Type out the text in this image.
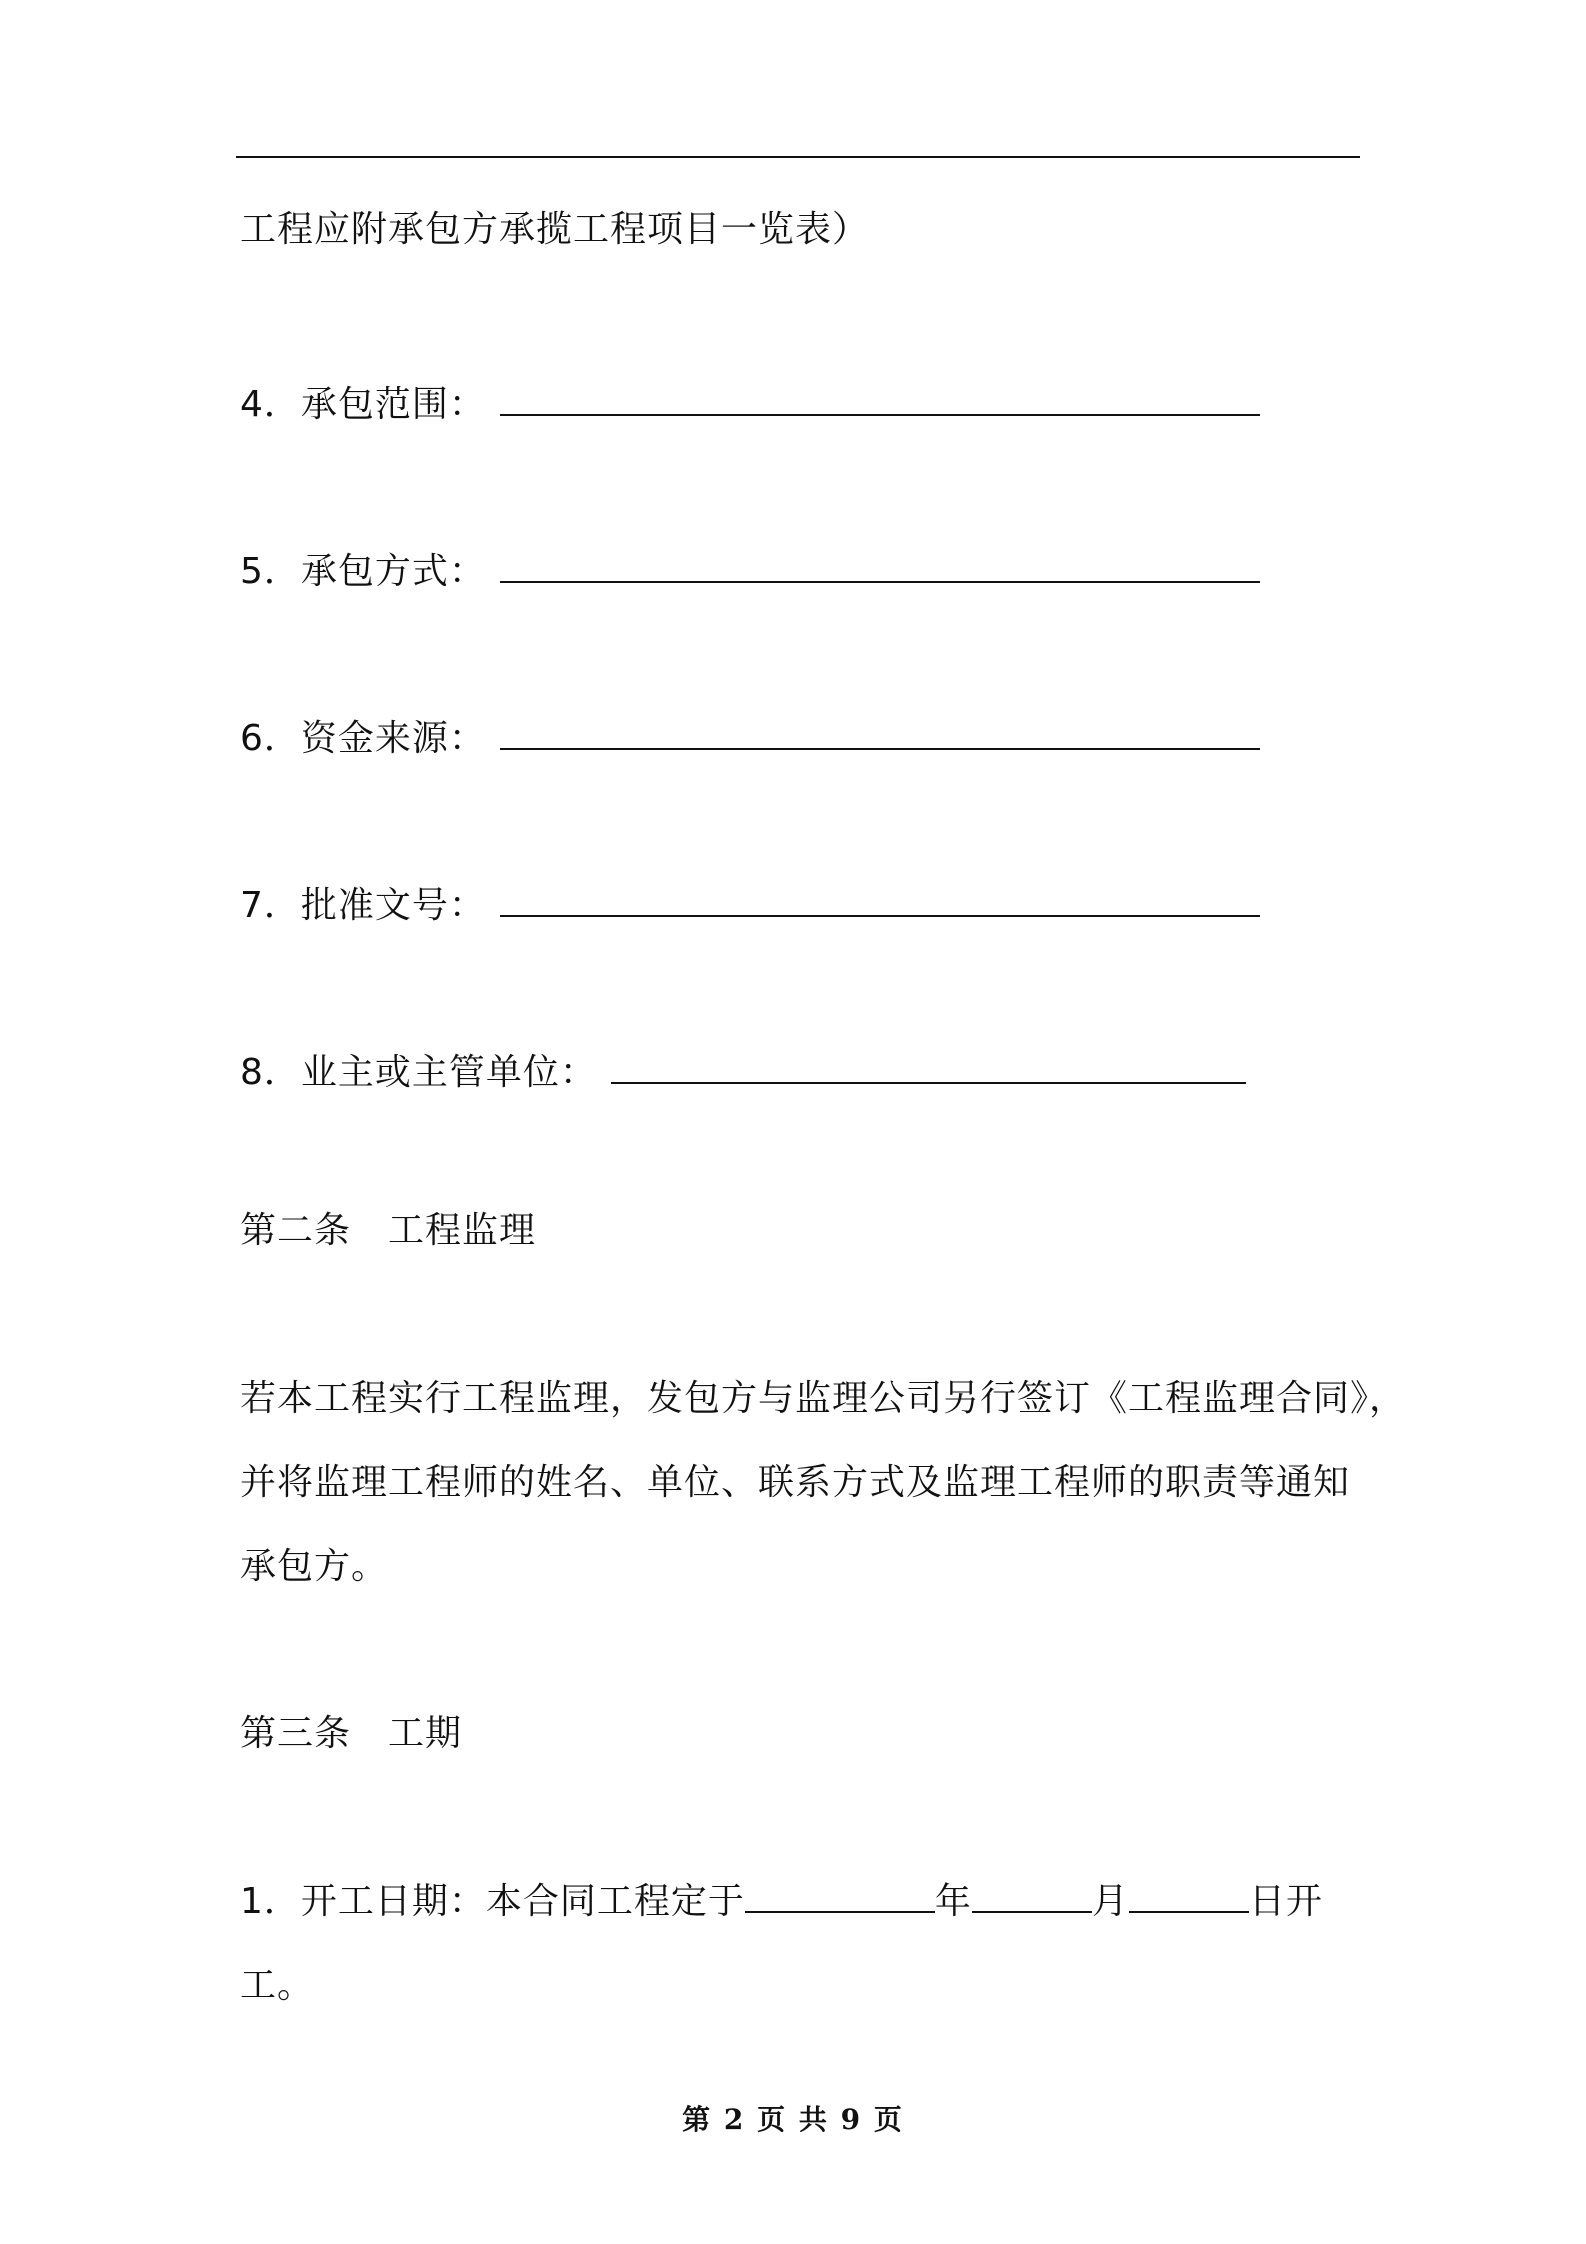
工程应附承包方承揽工程项目一览表）
4．承包范围：
5．承包方式：
6．资金来源：
7．批准文号：
8．业主或主管单位：
第二条　工程监理
若本工程实行工程监理，发包方与监理公司另行签订《工程监理合同》，
并将监理工程师的姓名、单位、联系方式及监理工程师的职责等通知
承包方。
第三条　工期
1．开工日期：本合同工程定于	年	月	日开
工。
第 2 页 共 9 页
